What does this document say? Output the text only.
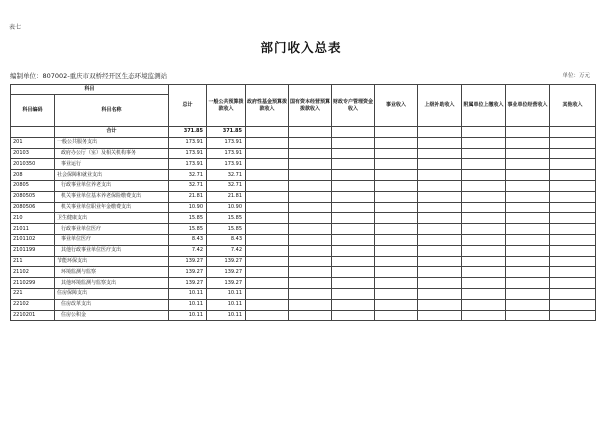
表七
部门收入总表
编制单位：807002-重庆市双桥经开区生态环境监测站	单位：万元
科目		总计	一般公共预算拨款收入	政府性基金预算拨款收入	国有资本经营预算拨款收入	财政专户管理资金收入	事业收入	上级补助收入	附属单位上缴收入	事业单位经营收入	其他收入
科目编码	科目名称										
	合计	371.85	371.85								
201	一般公共服务支出	173.91	173.91								
20103	政府办公厅（室）及相关机构事务	173.91	173.91								
2010350	事业运行	173.91	173.91								
208	社会保障和就业支出	32.71	32.71								
20805	行政事业单位养老支出	32.71	32.71								
2080505	机关事业单位基本养老保险缴费支出	21.81	21.81								
2080506	机关事业单位职业年金缴费支出	10.90	10.90								
210	卫生健康支出	15.85	15.85								
21011	行政事业单位医疗	15.85	15.85								
2101102	事业单位医疗	8.43	8.43								
2101199	其他行政事业单位医疗支出	7.42	7.42								
211	节能环保支出	139.27	139.27								
21102	环境监测与监察	139.27	139.27								
2110299	其他环境监测与监察支出	139.27	139.27								
221	住房保障支出	10.11	10.11								
22102	住房改革支出	10.11	10.11								
2210201	住房公积金	10.11	10.11								
